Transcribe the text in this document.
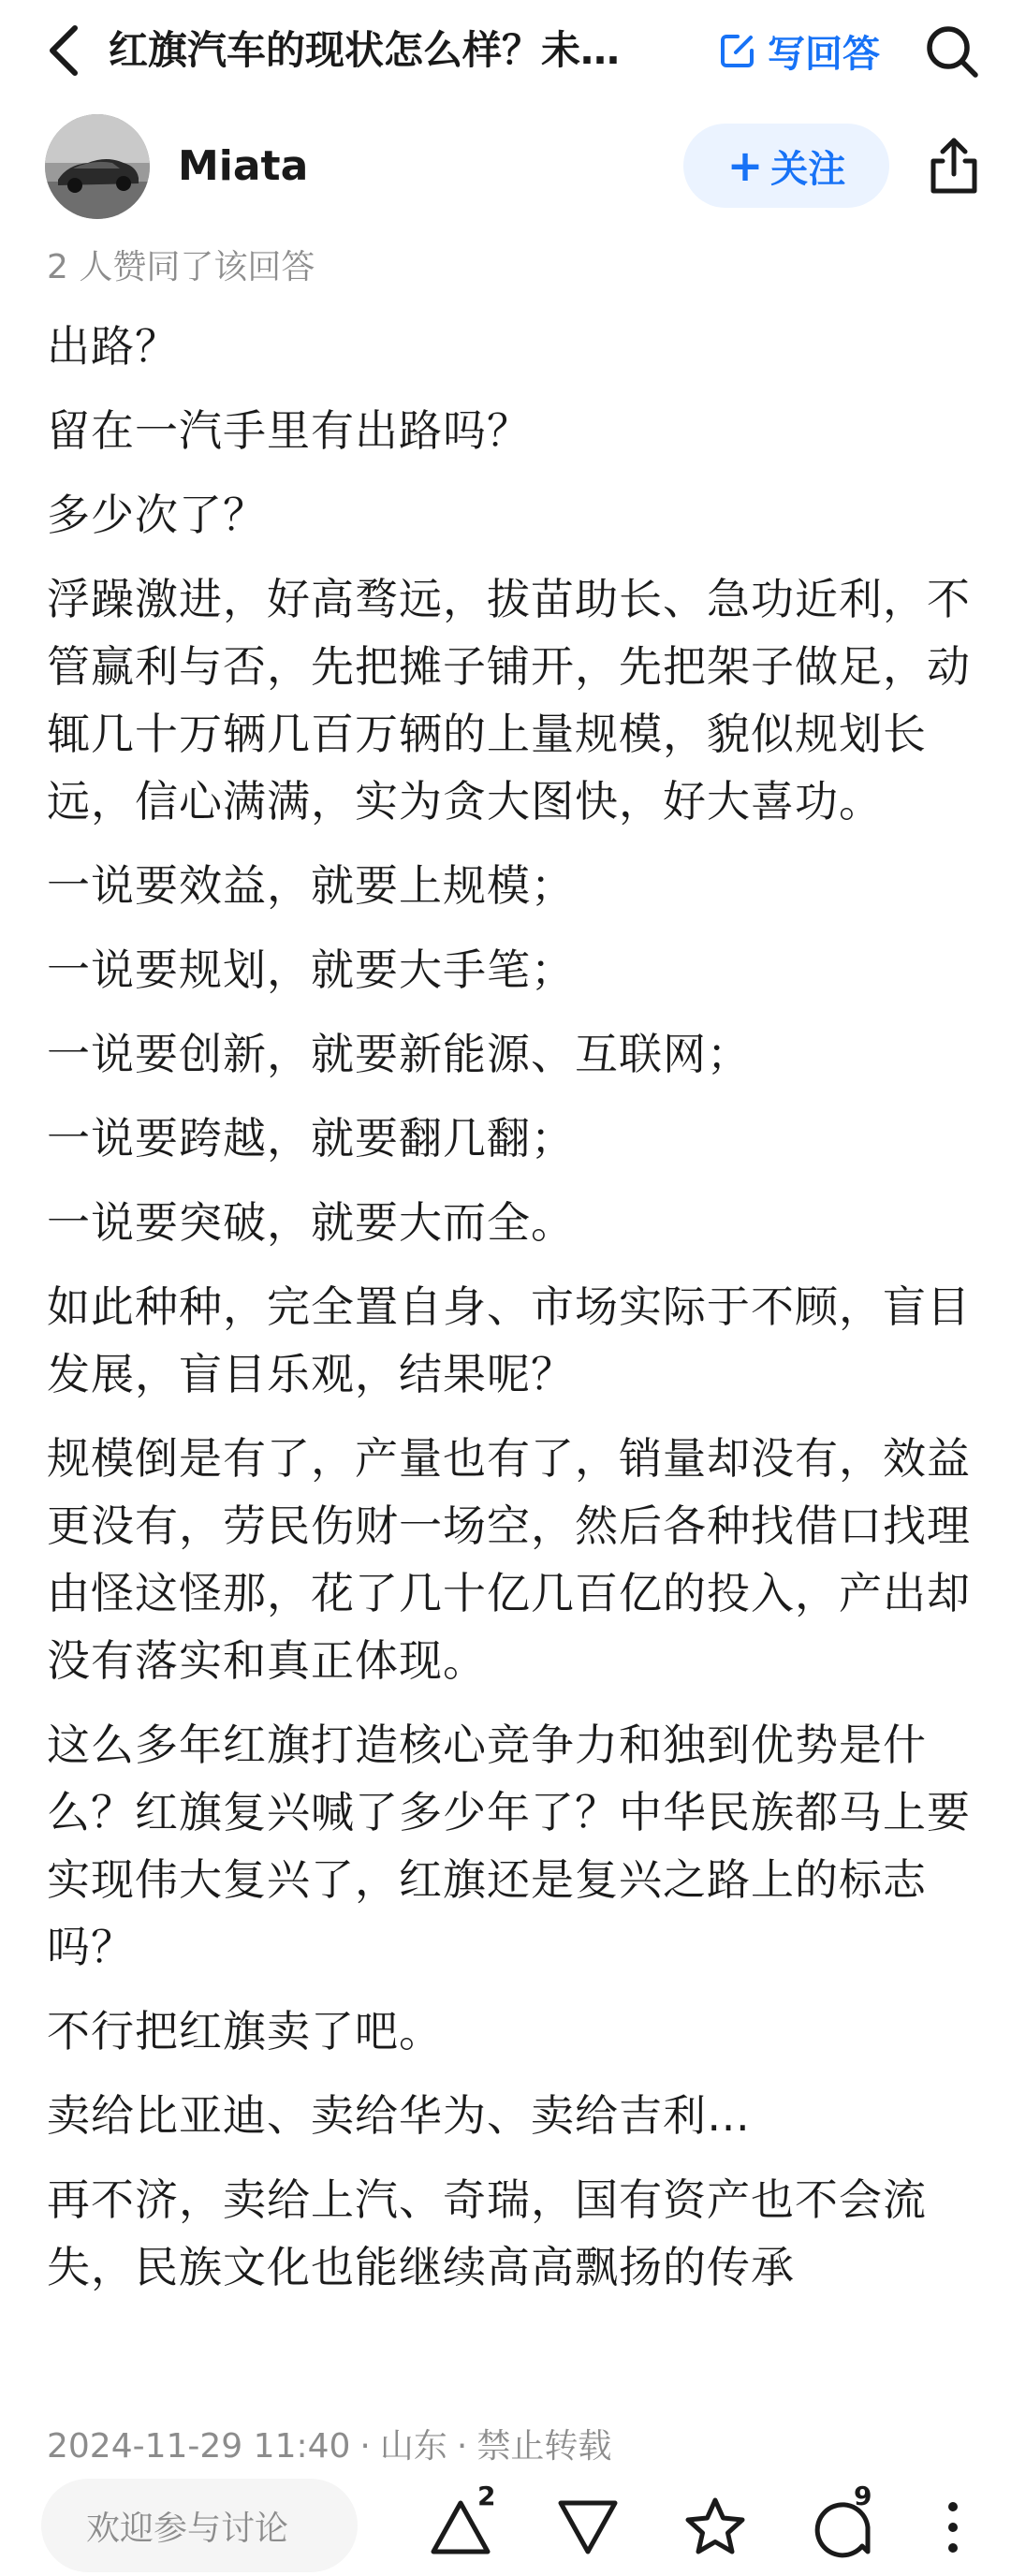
红旗汽车的现状怎么样？未…	写回答
Miata	+ 关注
2 人赞同了该回答

出路？

留在一汽手里有出路吗？

多少次了？

浮躁激进，好高骛远，拔苗助长、急功近利，不管赢利与否，先把摊子铺开，先把架子做足，动辄几十万辆几百万辆的上量规模，貌似规划长远，信心满满，实为贪大图快，好大喜功。

一说要效益，就要上规模；

一说要规划，就要大手笔；

一说要创新，就要新能源、互联网；

一说要跨越，就要翻几翻；

一说要突破，就要大而全。

如此种种，完全置自身、市场实际于不顾，盲目发展，盲目乐观，结果呢？

规模倒是有了，产量也有了，销量却没有，效益更没有，劳民伤财一场空，然后各种找借口找理由怪这怪那，花了几十亿几百亿的投入，产出却没有落实和真正体现。

这么多年红旗打造核心竞争力和独到优势是什么？红旗复兴喊了多少年了？中华民族都马上要实现伟大复兴了，红旗还是复兴之路上的标志吗？

不行把红旗卖了吧。

卖给比亚迪、卖给华为、卖给吉利…

再不济，卖给上汽、奇瑞，国有资产也不会流失，民族文化也能继续高高飘扬的传承

2024-11-29 11:40 · 山东 · 禁止转载
欢迎参与讨论
2	9
